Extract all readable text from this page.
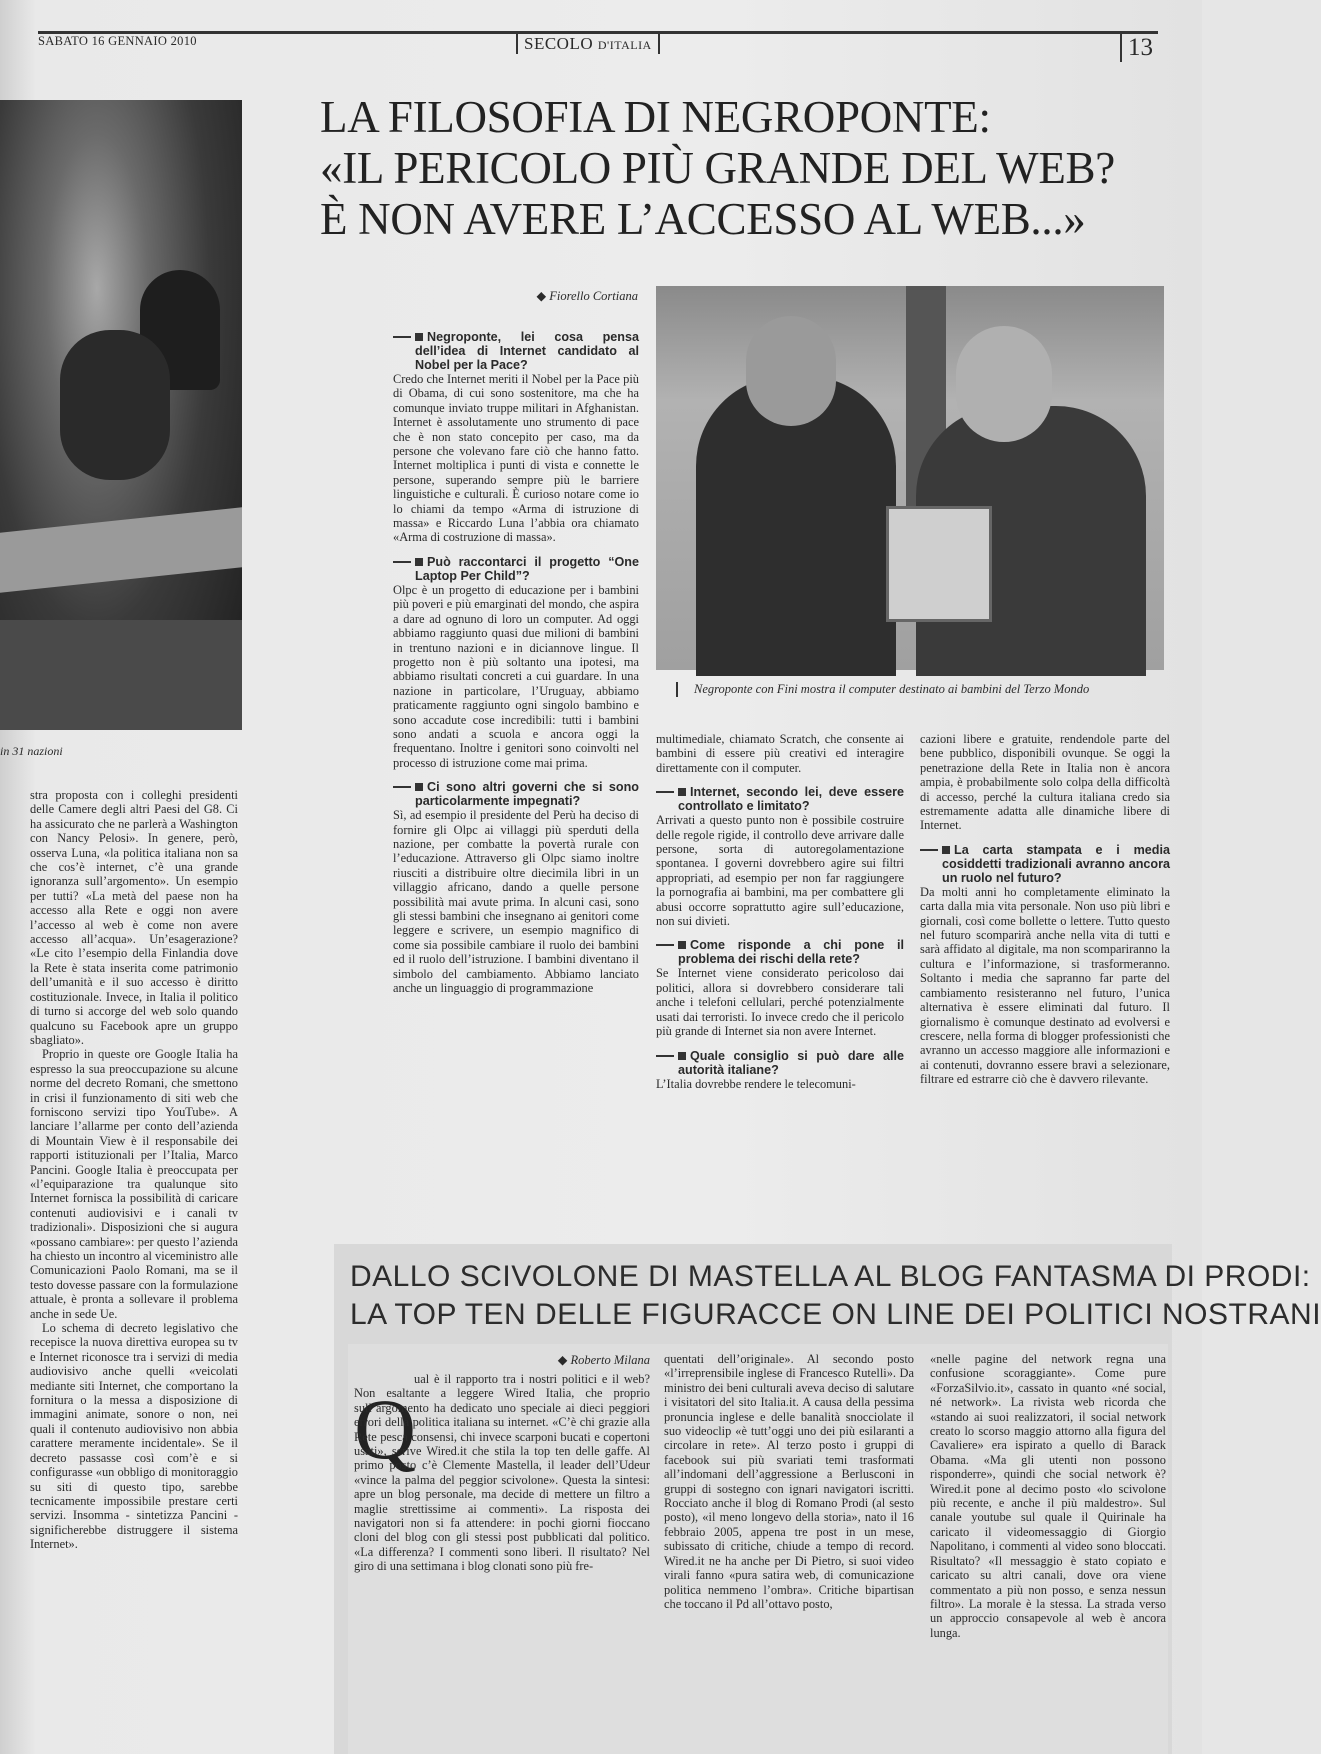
SABATO 16 GENNAIO 2010	SECOLO D'ITALIA	13
LA FILOSOFIA DI NEGROPONTE:
«IL PERICOLO PIÙ GRANDE DEL WEB?
È NON AVERE L’ACCESSO AL WEB...»
in 31 nazioni

stra proposta con i colleghi presidenti delle Camere degli altri Paesi del G8. Ci ha assicurato che ne parlerà a Washington con Nancy Pelosi». In genere, però, osserva Luna, «la politica italiana non sa che cos’è internet, c’è una grande ignoranza sull’argomento». Un esempio per tutti? «La metà del paese non ha accesso alla Rete e oggi non avere l’accesso al web è come non avere accesso all’acqua». Un’esagerazione? «Le cito l’esempio della Finlandia dove la Rete è stata inserita come patrimonio dell’umanità e il suo accesso è diritto costituzionale. Invece, in Italia il politico di turno si accorge del web solo quando qualcuno su Facebook apre un gruppo sbagliato».

Proprio in queste ore Google Italia ha espresso la sua preoccupazione su alcune norme del decreto Romani, che smettono in crisi il funzionamento di siti web che forniscono servizi tipo YouTube». A lanciare l’allarme per conto dell’azienda di Mountain View è il responsabile dei rapporti istituzionali per l’Italia, Marco Pancini. Google Italia è preoccupata per «l’equiparazione tra qualunque sito Internet fornisca la possibilità di caricare contenuti audiovisivi e i canali tv tradizionali». Disposizioni che si augura «possano cambiare»: per questo l’azienda ha chiesto un incontro al viceministro alle Comunicazioni Paolo Romani, ma se il testo dovesse passare con la formulazione attuale, è pronta a sollevare il problema anche in sede Ue.

Lo schema di decreto legislativo che recepisce la nuova direttiva europea su tv e Internet riconosce tra i servizi di media audiovisivo anche quelli «veicolati mediante siti Internet, che comportano la fornitura o la messa a disposizione di immagini animate, sonore o non, nei quali il contenuto audiovisivo non abbia carattere meramente incidentale». Se il decreto passasse così com’è e si configurasse «un obbligo di monitoraggio su siti di questo tipo, sarebbe tecnicamente impossibile prestare certi servizi. Insomma - sintetizza Pancini - significherebbe distruggere il sistema Internet».

◆ Fiorello Cortiana
Negroponte, lei cosa pensa dell’idea di Internet candidato al Nobel per la Pace?

Credo che Internet meriti il Nobel per la Pace più di Obama, di cui sono sostenitore, ma che ha comunque inviato truppe militari in Afghanistan. Internet è assolutamente uno strumento di pace che è non stato concepito per caso, ma da persone che volevano fare ciò che hanno fatto. Internet moltiplica i punti di vista e connette le persone, superando sempre più le barriere linguistiche e culturali. È curioso notare come io lo chiami da tempo «Arma di istruzione di massa» e Riccardo Luna l’abbia ora chiamato «Arma di costruzione di massa».

Può raccontarci il progetto “One Laptop Per Child”?

Olpc è un progetto di educazione per i bambini più poveri e più emarginati del mondo, che aspira a dare ad ognuno di loro un computer. Ad oggi abbiamo raggiunto quasi due milioni di bambini in trentuno nazioni e in diciannove lingue. Il progetto non è più soltanto una ipotesi, ma abbiamo risultati concreti a cui guardare. In una nazione in particolare, l’Uruguay, abbiamo praticamente raggiunto ogni singolo bambino e sono accadute cose incredibili: tutti i bambini sono andati a scuola e ancora oggi la frequentano. Inoltre i genitori sono coinvolti nel processo di istruzione come mai prima.

Ci sono altri governi che si sono particolarmente impegnati?

Sì, ad esempio il presidente del Perù ha deciso di fornire gli Olpc ai villaggi più sperduti della nazione, per combatte la povertà rurale con l’educazione. Attraverso gli Olpc siamo inoltre riusciti a distribuire oltre diecimila libri in un villaggio africano, dando a quelle persone possibilità mai avute prima. In alcuni casi, sono gli stessi bambini che insegnano ai genitori come leggere e scrivere, un esempio magnifico di come sia possibile cambiare il ruolo dei bambini ed il ruolo dell’istruzione. I bambini diventano il simbolo del cambiamento. Abbiamo lanciato anche un linguaggio di programmazione

Negroponte con Fini mostra il computer destinato ai bambini del Terzo Mondo

multimediale, chiamato Scratch, che consente ai bambini di essere più creativi ed interagire direttamente con il computer.

Internet, secondo lei, deve essere controllato e limitato?

Arrivati a questo punto non è possibile costruire delle regole rigide, il controllo deve arrivare dalle persone, sorta di autoregolamentazione spontanea. I governi dovrebbero agire sui filtri appropriati, ad esempio per non far raggiungere la pornografia ai bambini, ma per combattere gli abusi occorre soprattutto agire sull’educazione, non sui divieti.

Come risponde a chi pone il problema dei rischi della rete?

Se Internet viene considerato pericoloso dai politici, allora si dovrebbero considerare tali anche i telefoni cellulari, perché potenzialmente usati dai terroristi. Io invece credo che il pericolo più grande di Internet sia non avere Internet.

Quale consiglio si può dare alle autorità italiane?

L’Italia dovrebbe rendere le telecomuni-

cazioni libere e gratuite, rendendole parte del bene pubblico, disponibili ovunque. Se oggi la penetrazione della Rete in Italia non è ancora ampia, è probabilmente solo colpa della difficoltà di accesso, perché la cultura italiana credo sia estremamente adatta alle dinamiche libere di Internet.

La carta stampata e i media cosiddetti tradizionali avranno ancora un ruolo nel futuro?

Da molti anni ho completamente eliminato la carta dalla mia vita personale. Non uso più libri e giornali, così come bollette o lettere. Tutto questo nel futuro scomparirà anche nella vita di tutti e sarà affidato al digitale, ma non scompariranno la cultura e l’informazione, si trasformeranno. Soltanto i media che sapranno far parte del cambiamento resisteranno nel futuro, l’unica alternativa è essere eliminati dal futuro. Il giornalismo è comunque destinato ad evolversi e crescere, nella forma di blogger professionisti che avranno un accesso maggiore alle informazioni e ai contenuti, dovranno essere bravi a selezionare, filtrare ed estrarre ciò che è davvero rilevante.

DALLO SCIVOLONE DI MASTELLA AL BLOG FANTASMA DI PRODI:
LA TOP TEN DELLE FIGURACCE ON LINE DEI POLITICI NOSTRANI
◆ Roberto Milana
Q
ual è il rapporto tra i nostri politici e il web? Non esaltante a leggere Wired Italia, che proprio sull’argomento ha dedicato uno speciale ai dieci peggiori errori della politica italiana su internet. «C’è chi grazie alla Rete pesca consensi, chi invece scarponi bucati e copertoni usati», scrive Wired.it che stila la top ten delle gaffe. Al primo posto c’è Clemente Mastella, il leader dell’Udeur «vince la palma del peggior scivolone». Questa la sintesi: apre un blog personale, ma decide di mettere un filtro a maglie strettissime ai commenti». La risposta dei navigatori non si fa attendere: in pochi giorni fioccano cloni del blog con gli stessi post pubblicati dal politico. «La differenza? I commenti sono liberi. Il risultato? Nel giro di una settimana i blog clonati sono più fre-
quentati dell’originale». Al secondo posto «l’irreprensibile inglese di Francesco Rutelli». Da ministro dei beni culturali aveva deciso di salutare i visitatori del sito Italia.it. A causa della pessima pronuncia inglese e delle banalità snocciolate il suo videoclip «è tutt’oggi uno dei più esilaranti a circolare in rete». Al terzo posto i gruppi di facebook sui più svariati temi trasformati all’indomani dell’aggressione a Berlusconi in gruppi di sostegno con ignari navigatori iscritti. Rocciato anche il blog di Romano Prodi (al sesto posto), «il meno longevo della storia», nato il 16 febbraio 2005, appena tre post in un mese, subissato di critiche, chiude a tempo di record. Wired.it ne ha anche per Di Pietro, si suoi video virali fanno «pura satira web, di comunicazione politica nemmeno l’ombra». Critiche bipartisan che toccano il Pd all’ottavo posto,
«nelle pagine del network regna una confusione scoraggiante». Come pure «ForzaSilvio.it», cassato in quanto «né social, né network». La rivista web ricorda che «stando ai suoi realizzatori, il social network creato lo scorso maggio attorno alla figura del Cavaliere» era ispirato a quello di Barack Obama. «Ma gli utenti non possono risponderre», quindi che social network è? Wired.it pone al decimo posto «lo scivolone più recente, e anche il più maldestro». Sul canale youtube sul quale il Quirinale ha caricato il videomessaggio di Giorgio Napolitano, i commenti al video sono bloccati. Risultato? «Il messaggio è stato copiato e caricato su altri canali, dove ora viene commentato a più non posso, e senza nessun filtro». La morale è la stessa. La strada verso un approccio consapevole al web è ancora lunga.
